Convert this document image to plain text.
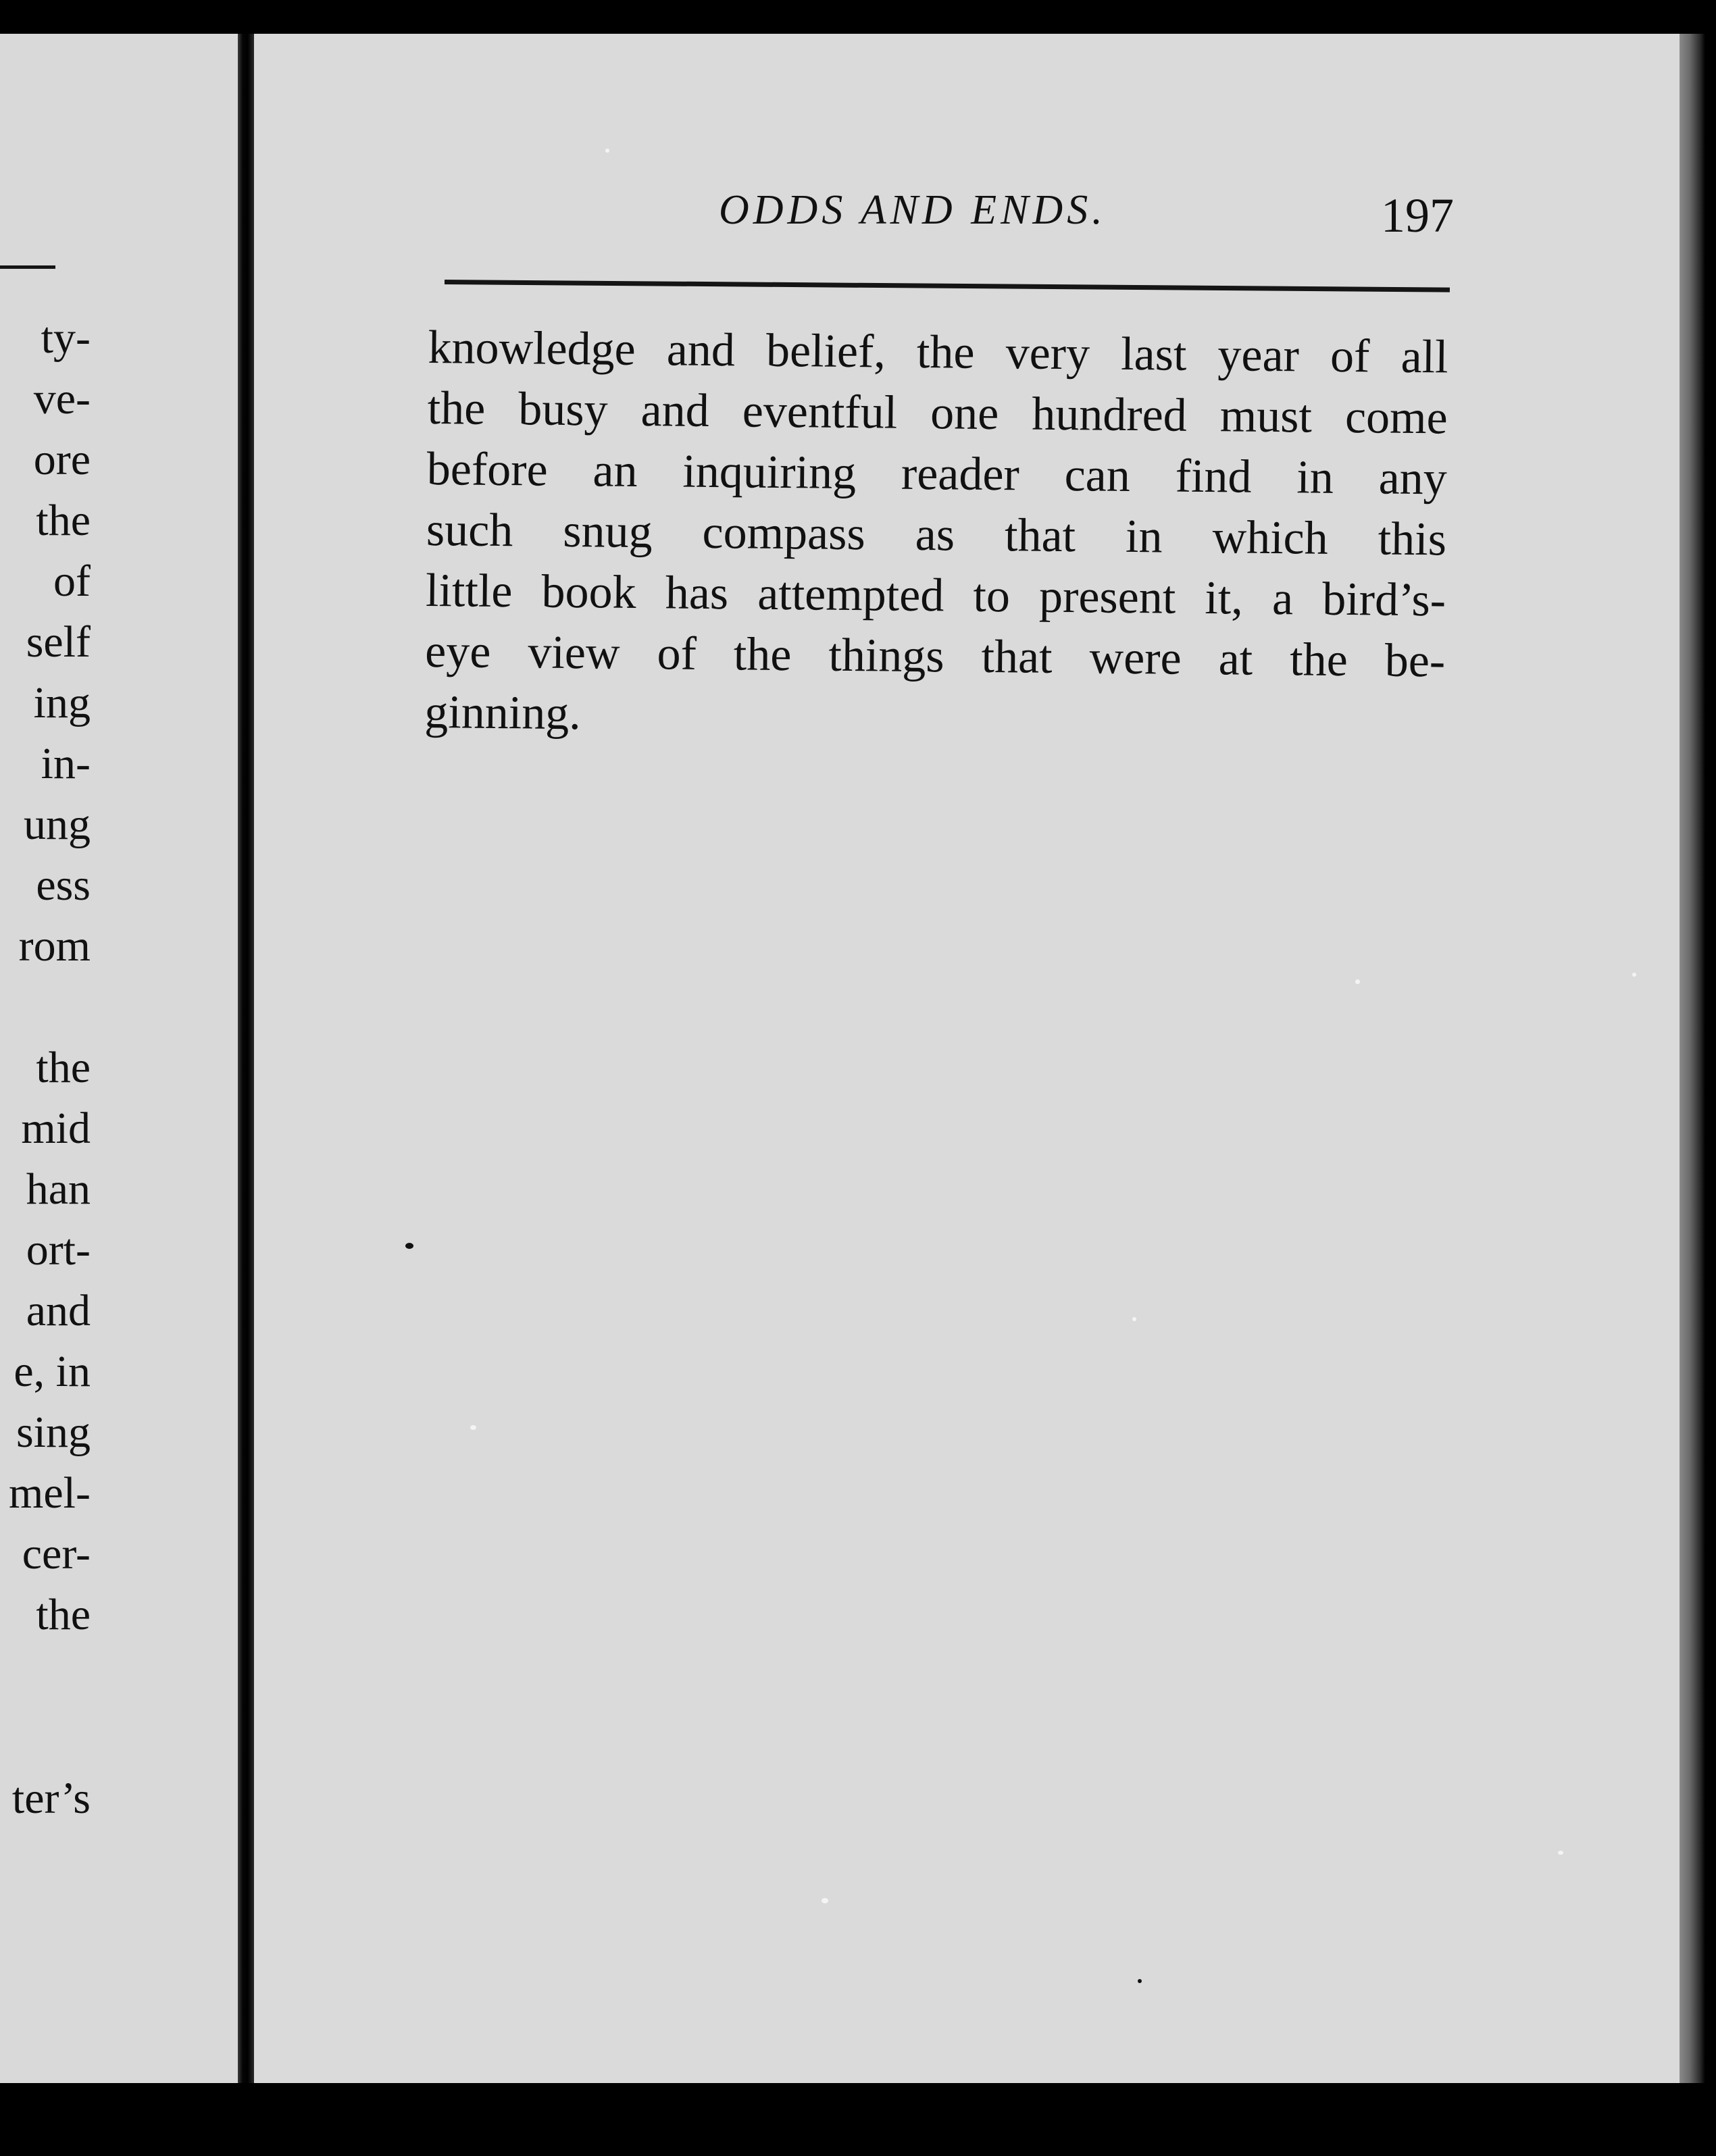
ty-
ve-
ore
the
of
self
ing
in-
ung
ess
rom
the
mid
han
ort-
and
e, in
sing
mel-
cer-
the
ter’s
ODDS AND ENDS.	197
knowledge and belief, the very last year of all
the busy and eventful one hundred must come
before an inquiring reader can find in any
such snug compass as that in which this
little book has attempted to present it, a bird’s-
eye view of the things that were at the be-
ginning.
